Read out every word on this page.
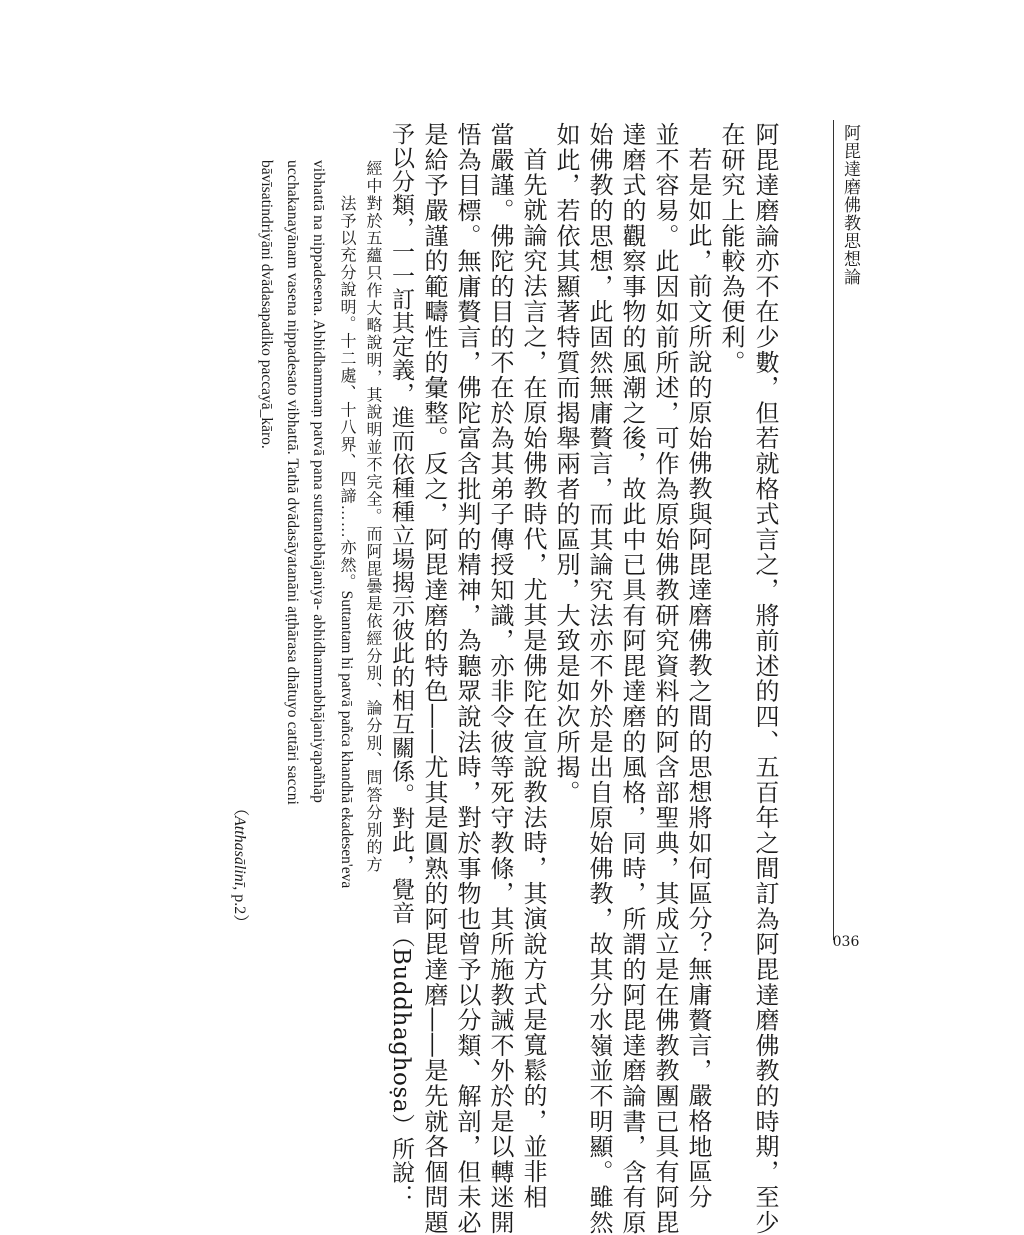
阿毘達磨佛教思想論
036
阿毘達磨論亦不在少數，但若就格式言之，將前述的四、五百年之間訂為阿毘達磨佛教的時期，至少
在研究上能較為便利。
若是如此，前文所說的原始佛教與阿毘達磨佛教之間的思想將如何區分？無庸贅言，嚴格地區分
並不容易。此因如前所述，可作為原始佛教研究資料的阿含部聖典，其成立是在佛教教團已具有阿毘
達磨式的觀察事物的風潮之後，故此中已具有阿毘達磨的風格，同時，所謂的阿毘達磨論書，含有原
始佛教的思想，此固然無庸贅言，而其論究法亦不外於是出自原始佛教，故其分水嶺並不明顯。雖然
如此，若依其顯著特質而揭舉兩者的區別，大致是如次所揭。
首先就論究法言之，在原始佛教時代，尤其是佛陀在宣說教法時，其演說方式是寬鬆的，並非相
當嚴謹。佛陀的目的不在於為其弟子傳授知識，亦非令彼等死守教條，其所施教誡不外於是以轉迷開
悟為目標。無庸贅言，佛陀富含批判的精神，為聽眾說法時，對於事物也曾予以分類、解剖，但未必
是給予嚴謹的範疇性的彙整。反之，阿毘達磨的特色――尤其是圓熟的阿毘達磨――是先就各個問題
予以分類，一一訂其定義，進而依種種立場揭示彼此的相互關係。對此，覺音（Buddhaghoṣa）所說：
經中對於五蘊只作大略說明，其說明並不完全。而阿毘曇是依經分別、論分別、問答分別的方
法予以充分說明。十二處、十八界、四諦……亦然。Suttantam hi patvā pañca khandhā ekadesen'eva
vibhattā na nippadesena. Abhidhammaṃ patvā pana suttantabhājaniya- abhidhammabhājaniyapañhāp
ucchakanayānam vasena nippadesato vibhattā. Tathā dvādasāyatanāni aṭṭhārasa dhātuyo cattāri saccni
bāvīsatindriyāni dvādasapadiko paccayā_kāro.
（Atthasālinī, p.2）
